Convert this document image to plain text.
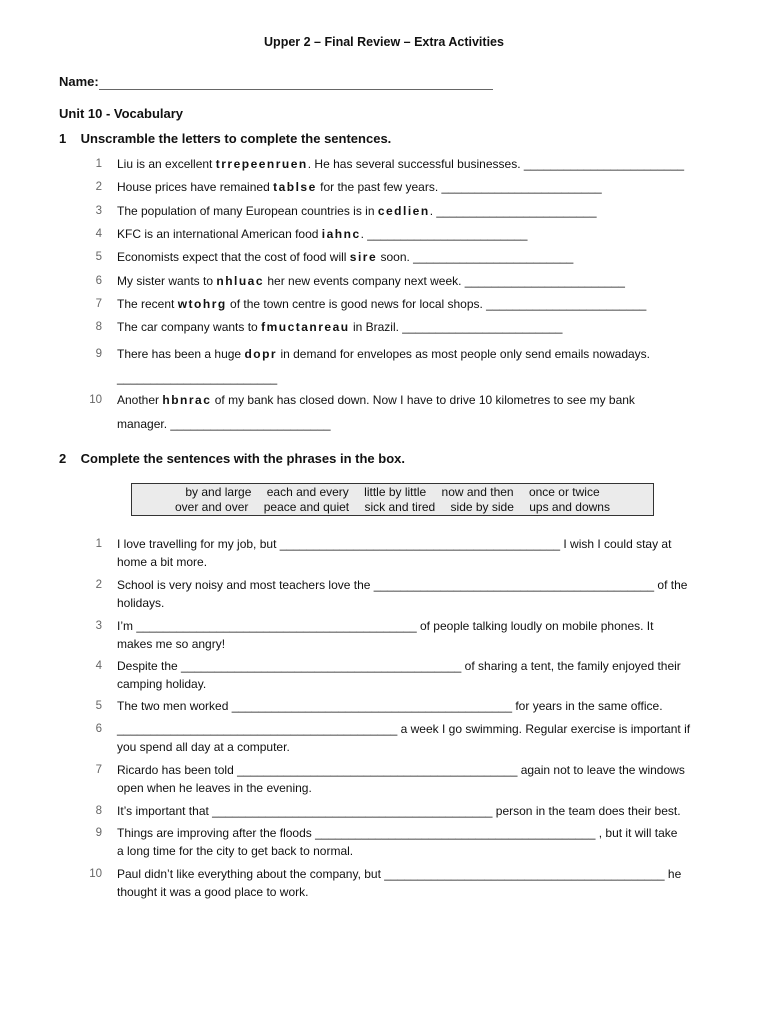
Upper 2 – Final Review – Extra Activities
Name:
Unit 10 - Vocabulary
1 Unscramble the letters to complete the sentences.
1 Liu is an excellent trrepeenruen. He has several successful businesses. ________________________
2 House prices have remained tablse for the past few years. ________________________
3 The population of many European countries is in cedlien. ________________________
4 KFC is an international American food iahnc. ________________________
5 Economists expect that the cost of food will sire soon. ________________________
6 My sister wants to nhluac her new events company next week. ________________________
7 The recent wtohrg of the town centre is good news for local shops. ________________________
8 The car company wants to fmuctanreau in Brazil. ________________________
9 There has been a huge dopr in demand for envelopes as most people only send emails nowadays.
________________________
10 Another hbnrac of my bank has closed down. Now I have to drive 10 kilometres to see my bank
manager. ________________________
2 Complete the sentences with the phrases in the box.
by and large each and every little by little now and then once or twice
over and over peace and quiet sick and tired side by side ups and downs
1 I love travelling for my job, but __________________________________________ I wish I could stay at
home a bit more.
2 School is very noisy and most teachers love the __________________________________________ of the
holidays.
3 I’m __________________________________________ of people talking loudly on mobile phones. It
makes me so angry!
4 Despite the __________________________________________ of sharing a tent, the family enjoyed their
camping holiday.
5 The two men worked __________________________________________ for years in the same office.
6 __________________________________________ a week I go swimming. Regular exercise is important if
you spend all day at a computer.
7 Ricardo has been told __________________________________________ again not to leave the windows
open when he leaves in the evening.
8 It’s important that __________________________________________ person in the team does their best.
9 Things are improving after the floods __________________________________________ , but it will take
a long time for the city to get back to normal.
10 Paul didn’t like everything about the company, but __________________________________________ he
thought it was a good place to work.
